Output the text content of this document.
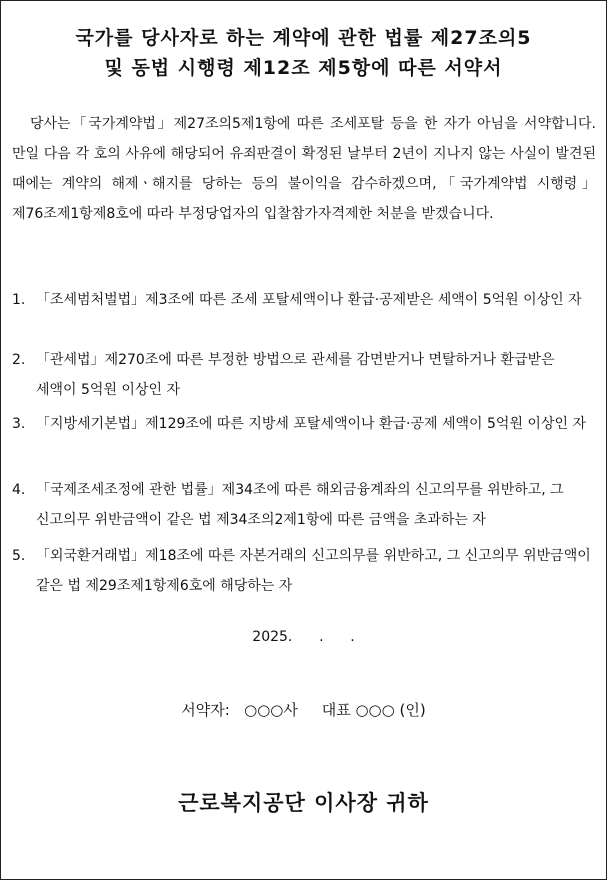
국가를 당사자로 하는 계약에 관한 법률 제27조의5
및 동법 시행령 제12조 제5항에 따른 서약서
당사는「국가계약법」제27조의5제1항에 따른 조세포탈 등을 한 자가 아님을 서약합니다. 만일 다음 각 호의 사유에 해당되어 유죄판결이 확정된 날부터 2년이 지나지 않는 사실이 발견된 때에는 계약의 해제ㆍ해지를 당하는 등의 불이익을 감수하겠으며,「국가계약법 시행령」제76조제1항제8호에 따라 부정당업자의 입찰참가자격제한 처분을 받겠습니다.
1. 「조세범처벌법」제3조에 따른 조세 포탈세액이나 환급·공제받은 세액이 5억원 이상인 자
2. 「관세법」제270조에 따른 부정한 방법으로 관세를 감면받거나 면탈하거나 환급받은 세액이 5억원 이상인 자
3. 「지방세기본법」제129조에 따른 지방세 포탈세액이나 환급·공제 세액이 5억원 이상인 자
4. 「국제조세조정에 관한 법률」제34조에 따른 해외금융계좌의 신고의무를 위반하고, 그 신고의무 위반금액이 같은 법 제34조의2제1항에 따른 금액을 초과하는 자
5. 「외국환거래법」제18조에 따른 자본거래의 신고의무를 위반하고, 그 신고의무 위반금액이 같은 법 제29조제1항제6호에 해당하는 자
2025.      .      .
서약자:   ○○○사     대표 ○○○ (인)
근로복지공단 이사장 귀하
